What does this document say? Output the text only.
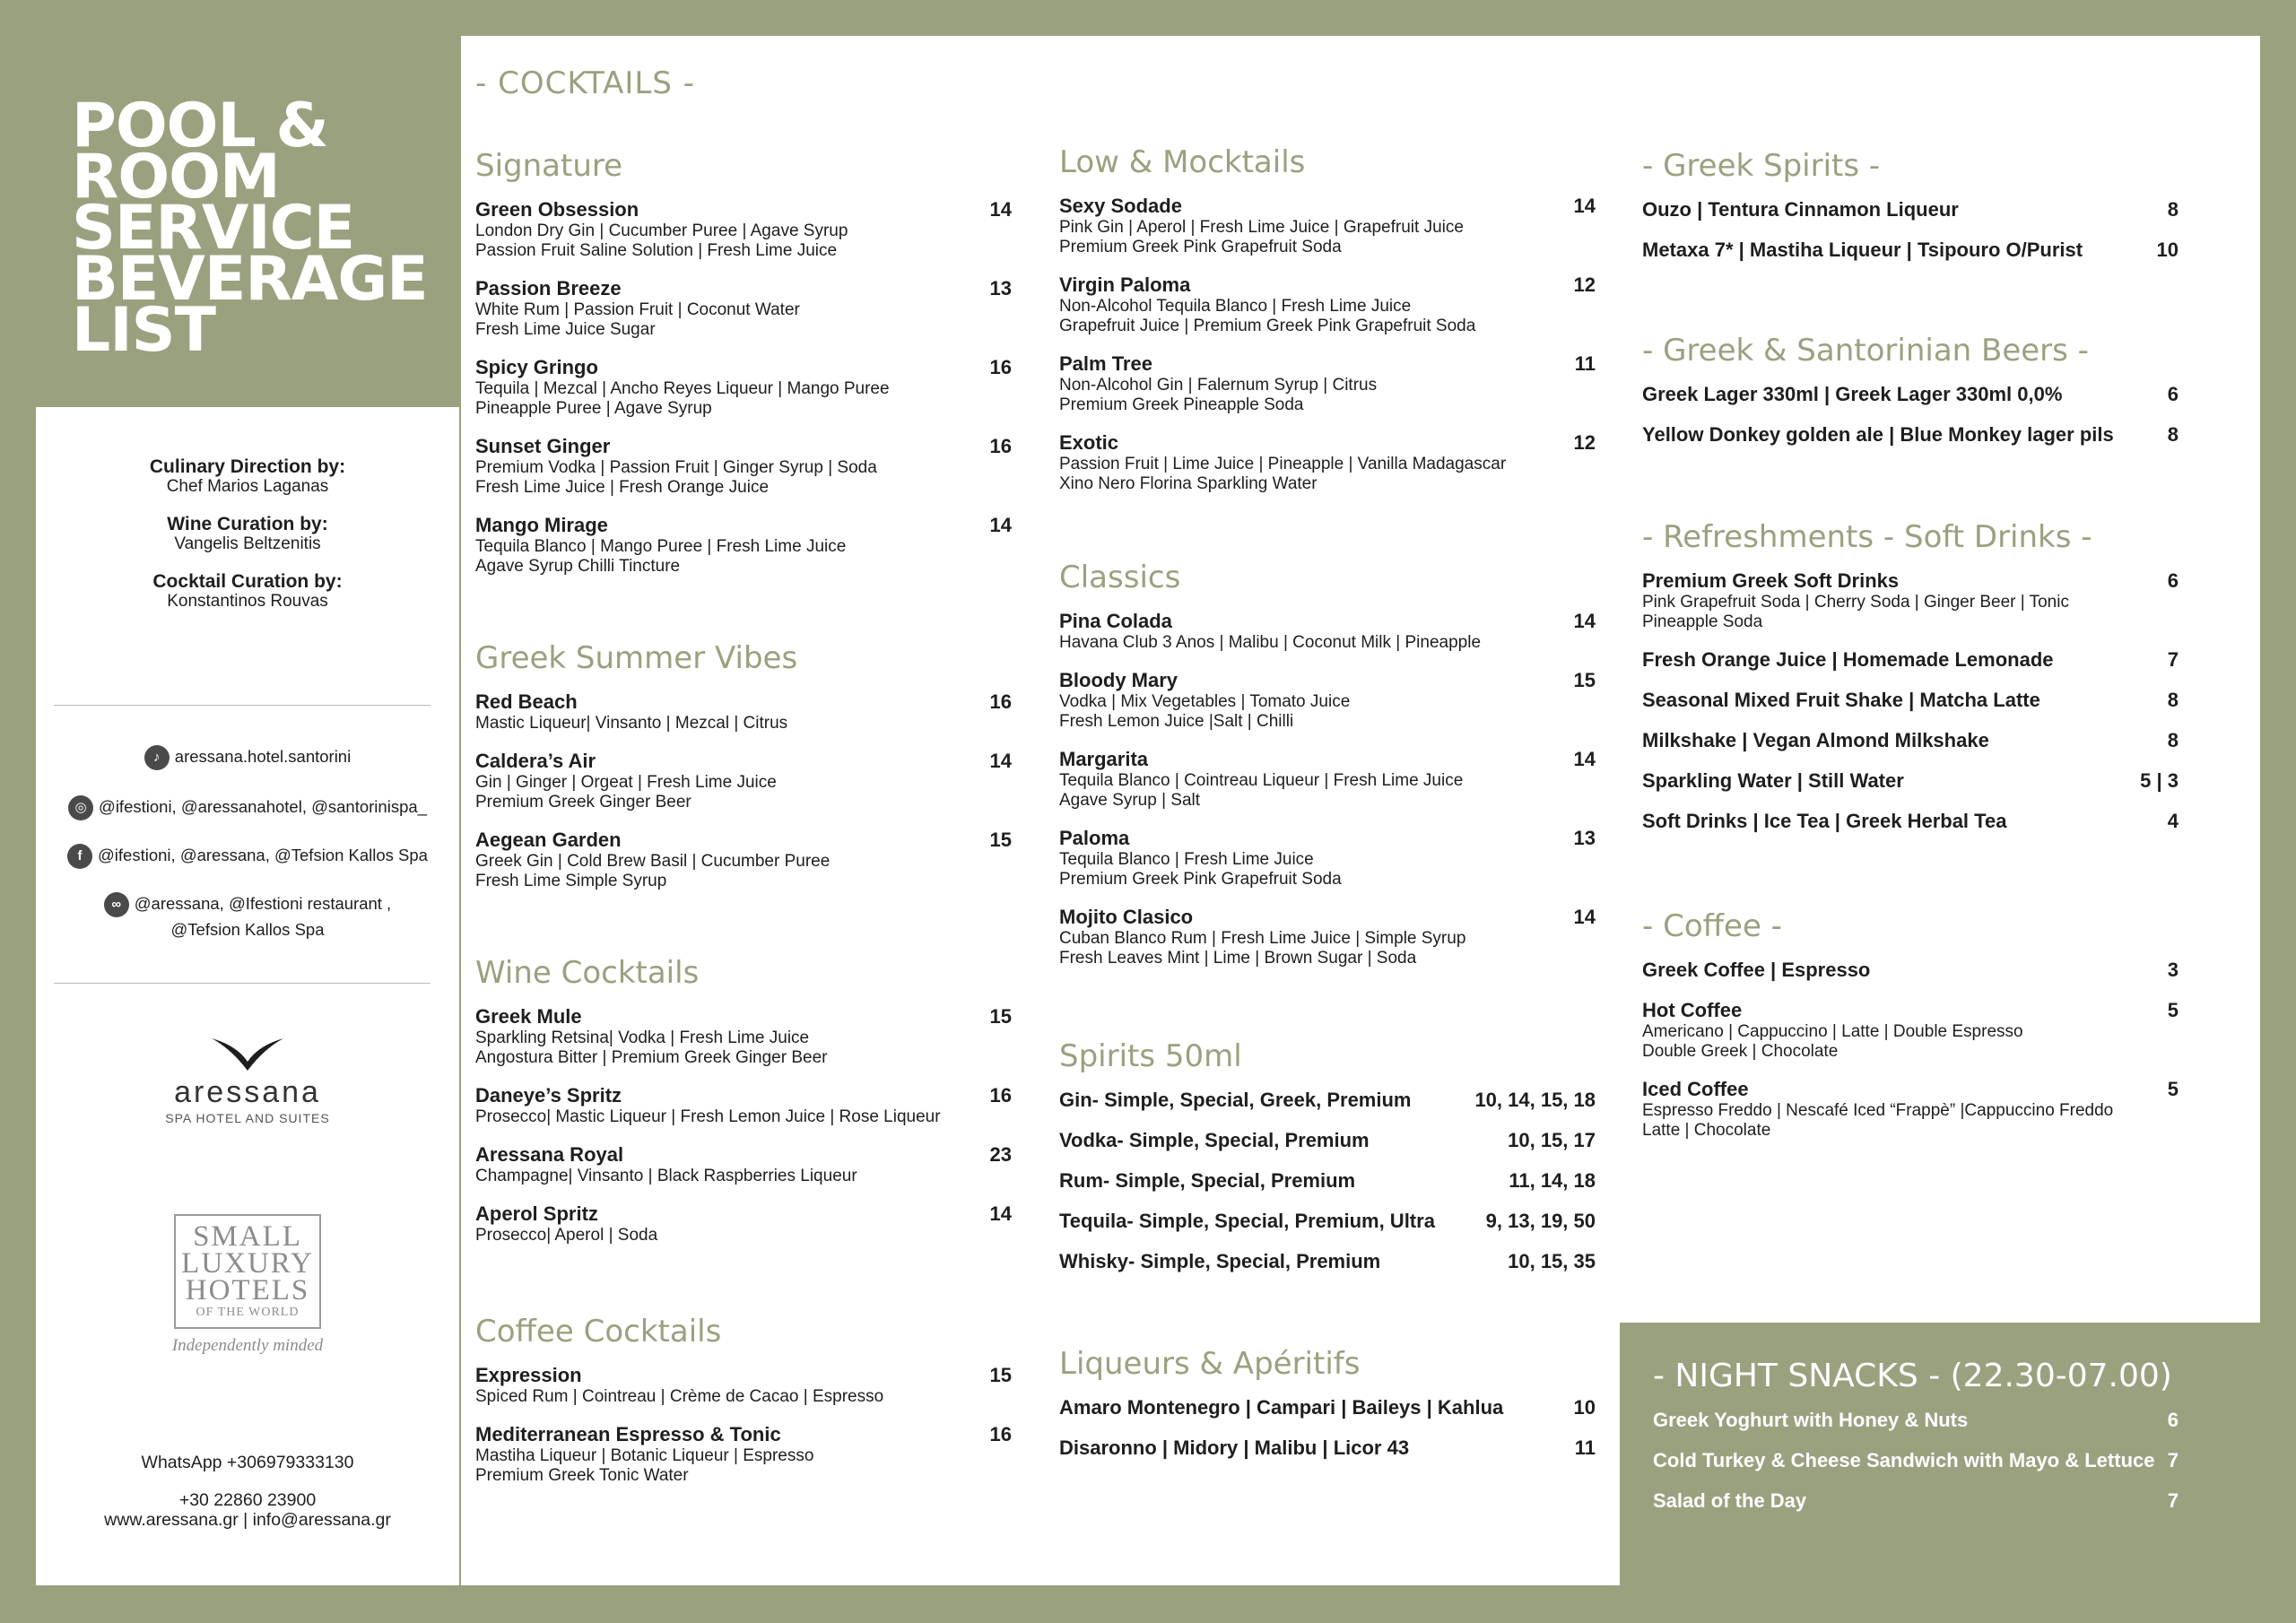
POOL &
ROOM
SERVICE
BEVERAGE
LIST
Culinary Direction by:
Chef Marios Laganas
Wine Curation by:
Vangelis Beltzenitis
Cocktail Curation by:
Konstantinos Rouvas
♪ aressana.hotel.santorini
◎ @ifestioni, @aressanahotel, @santorinispa_
f @ifestioni, @aressana, @Tefsion Kallos Spa
∞ @aressana, @Ifestioni restaurant ,
@Tefsion Kallos Spa
aressana
SPA HOTEL AND SUITES
SMALL
LUXURY
HOTELS
OF THE WORLD
Independently minded
WhatsApp +306979333130
+30 22860 23900
www.aressana.gr | info@aressana.gr
- COCKTAILS -
Signature
Green Obsession	14
London Dry Gin | Cucumber Puree | Agave Syrup
Passion Fruit Saline Solution | Fresh Lime Juice
Passion Breeze	13
White Rum | Passion Fruit | Coconut Water
Fresh Lime Juice Sugar
Spicy Gringo	16
Tequila | Mezcal | Ancho Reyes Liqueur | Mango Puree
Pineapple Puree | Agave Syrup
Sunset Ginger	16
Premium Vodka | Passion Fruit | Ginger Syrup | Soda
Fresh Lime Juice | Fresh Orange Juice
Mango Mirage	14
Tequila Blanco | Mango Puree | Fresh Lime Juice
Agave Syrup Chilli Tincture
Greek Summer Vibes
Red Beach	16
Mastic Liqueur| Vinsanto | Mezcal | Citrus
Caldera’s Air	14
Gin | Ginger | Orgeat | Fresh Lime Juice
Premium Greek Ginger Beer
Aegean Garden	15
Greek Gin | Cold Brew Basil | Cucumber Puree
Fresh Lime Simple Syrup
Wine Cocktails
Greek Mule	15
Sparkling Retsina| Vodka | Fresh Lime Juice
Angostura Bitter | Premium Greek Ginger Beer
Daneye’s Spritz	16
Prosecco| Mastic Liqueur | Fresh Lemon Juice | Rose Liqueur
Aressana Royal	23
Champagne| Vinsanto | Black Raspberries Liqueur
Aperol Spritz	14
Prosecco| Aperol | Soda
Coffee Cocktails
Expression	15
Spiced Rum | Cointreau | Crème de Cacao | Espresso
Mediterranean Espresso & Tonic	16
Mastiha Liqueur | Botanic Liqueur | Espresso
Premium Greek Tonic Water
Low & Mocktails
Sexy Sodade	14
Pink Gin | Aperol | Fresh Lime Juice | Grapefruit Juice
Premium Greek Pink Grapefruit Soda
Virgin Paloma	12
Non-Alcohol Tequila Blanco | Fresh Lime Juice
Grapefruit Juice | Premium Greek Pink Grapefruit Soda
Palm Tree	11
Non-Alcohol Gin | Falernum Syrup | Citrus
Premium Greek Pineapple Soda
Exotic	12
Passion Fruit | Lime Juice | Pineapple | Vanilla Madagascar
Xino Nero Florina Sparkling Water
Classics
Pina Colada	14
Havana Club 3 Anos | Malibu | Coconut Milk | Pineapple
Bloody Mary	15
Vodka | Mix Vegetables | Tomato Juice
Fresh Lemon Juice |Salt | Chilli
Margarita	14
Tequila Blanco | Cointreau Liqueur | Fresh Lime Juice
Agave Syrup | Salt
Paloma	13
Tequila Blanco | Fresh Lime Juice
Premium Greek Pink Grapefruit Soda
Mojito Clasico	14
Cuban Blanco Rum | Fresh Lime Juice | Simple Syrup
Fresh Leaves Mint | Lime | Brown Sugar | Soda
Spirits 50ml
Gin- Simple, Special, Greek, Premium	10, 14, 15, 18
Vodka- Simple, Special, Premium	10, 15, 17
Rum- Simple, Special, Premium	11, 14, 18
Tequila- Simple, Special, Premium, Ultra	9, 13, 19, 50
Whisky- Simple, Special, Premium	10, 15, 35
Liqueurs & Apéritifs
Amaro Montenegro | Campari | Baileys | Kahlua	10
Disaronno | Midory | Malibu | Licor 43	11
- Greek Spirits -
Ouzo | Tentura Cinnamon Liqueur	8
Metaxa 7* | Mastiha Liqueur | Tsipouro O/Purist	10
- Greek & Santorinian Beers -
Greek Lager 330ml | Greek Lager 330ml 0,0%	6
Yellow Donkey golden ale | Blue Monkey lager pils	8
- Refreshments - Soft Drinks -
Premium Greek Soft Drinks	6
Pink Grapefruit Soda | Cherry Soda | Ginger Beer | Tonic
Pineapple Soda
Fresh Orange Juice | Homemade Lemonade	7
Seasonal Mixed Fruit Shake | Matcha Latte	8
Milkshake | Vegan Almond Milkshake	8
Sparkling Water | Still Water	5 | 3
Soft Drinks | Ice Tea | Greek Herbal Tea	4
- Coffee -
Greek Coffee | Espresso	3
Hot Coffee	5
Americano | Cappuccino | Latte | Double Espresso
Double Greek | Chocolate
Iced Coffee	5
Espresso Freddo | Nescafé Iced “Frappè” |Cappuccino Freddo
Latte | Chocolate
- NIGHT SNACKS - (22.30-07.00)
Greek Yoghurt with Honey & Nuts	6
Cold Turkey & Cheese Sandwich with Mayo & Lettuce 7
Salad of the Day	7
